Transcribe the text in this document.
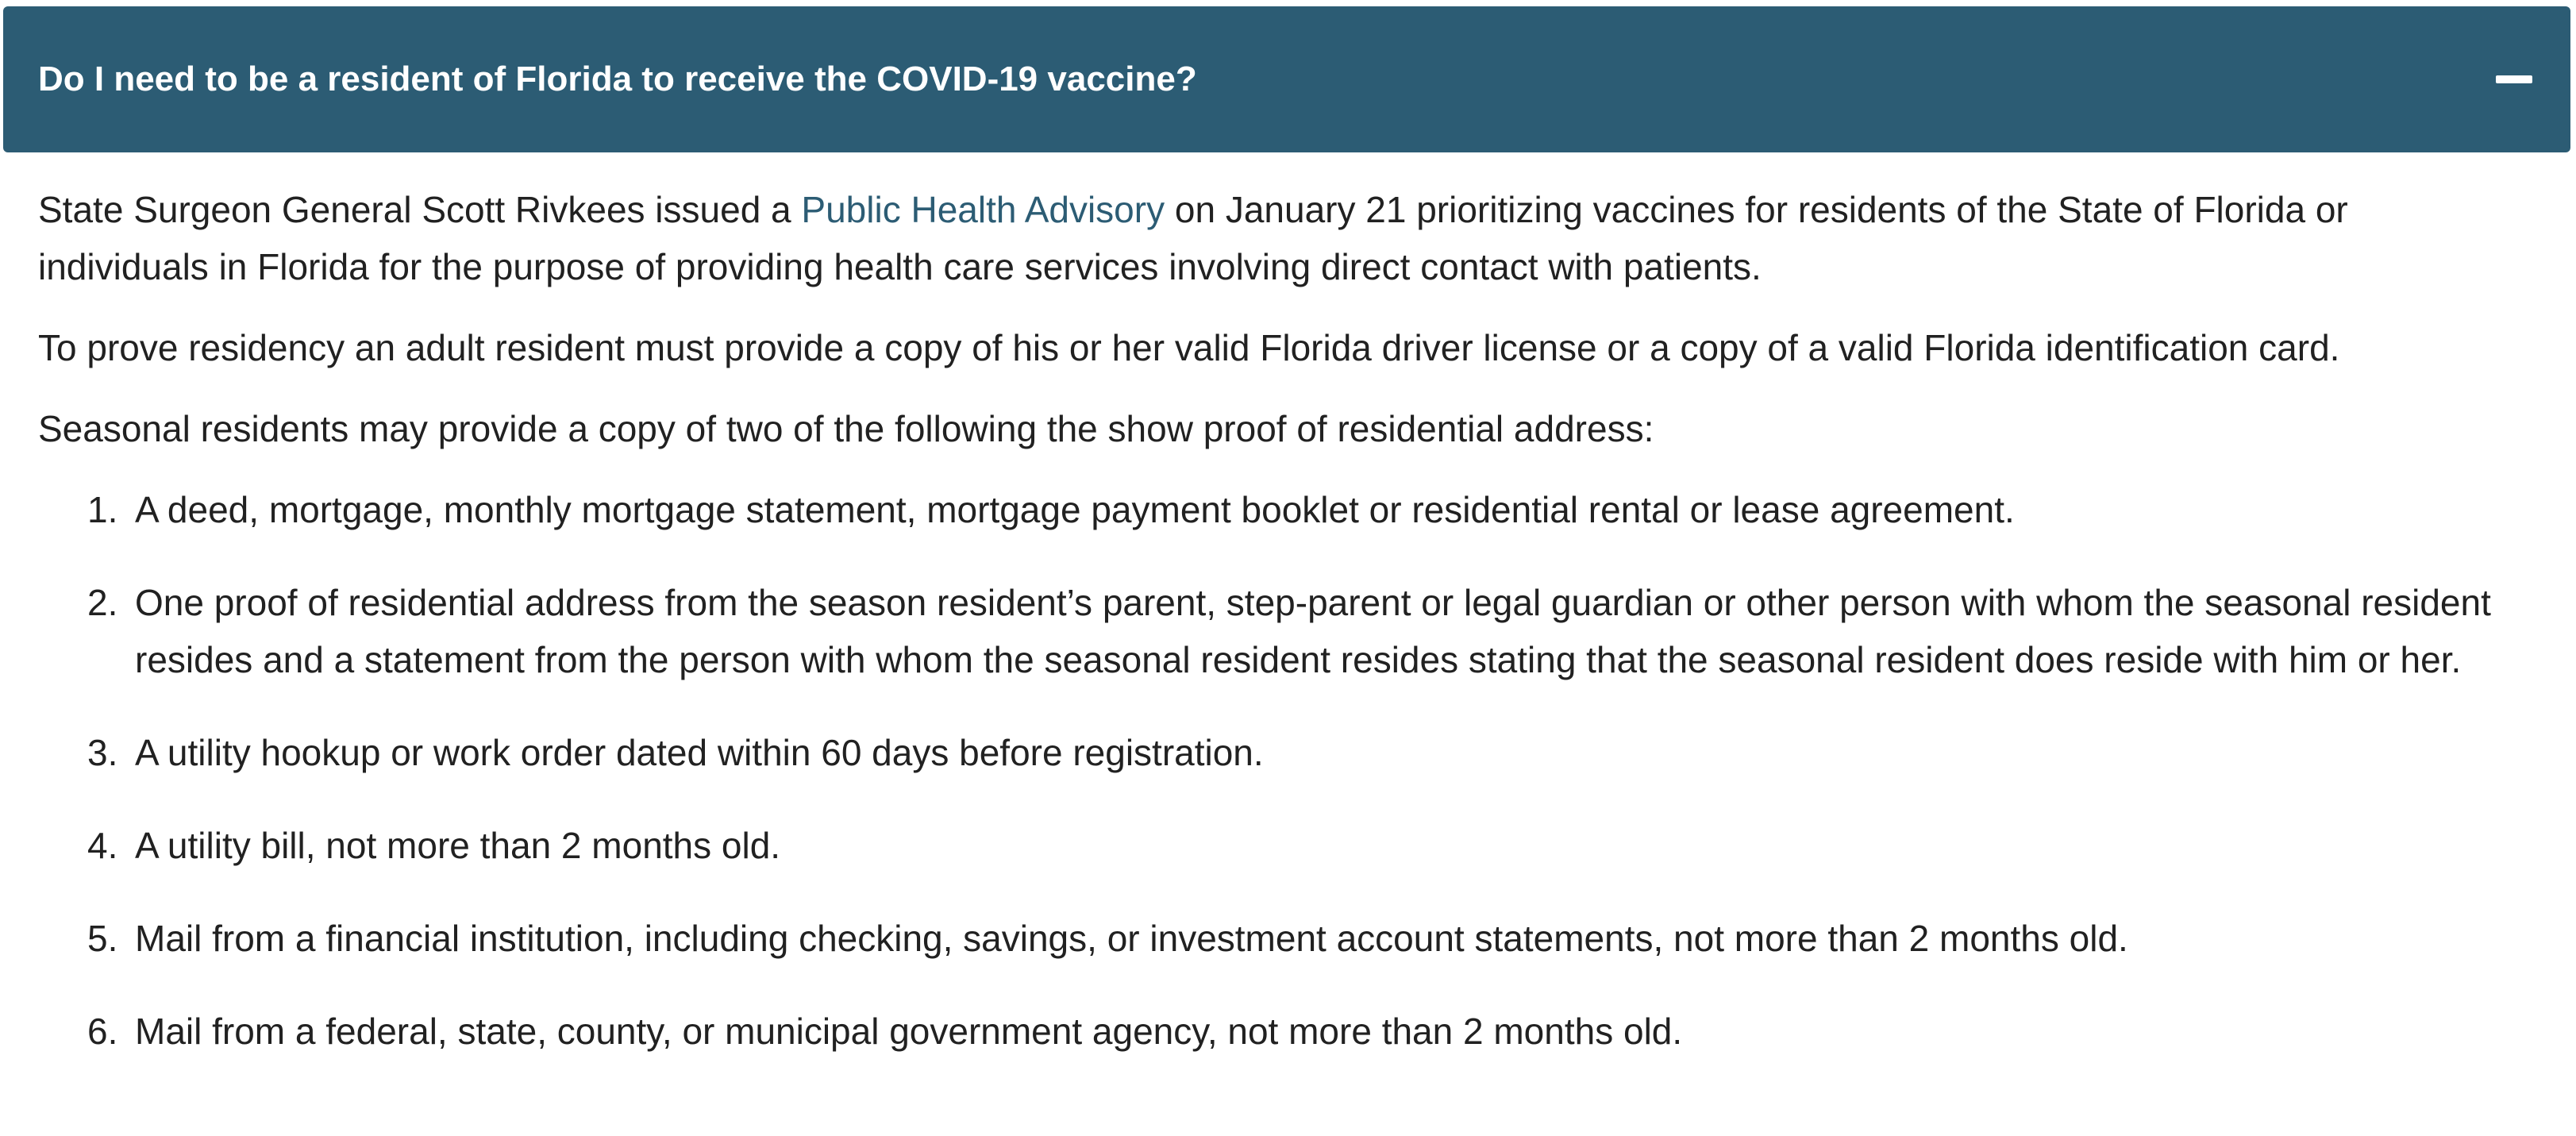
Do I need to be a resident of Florida to receive the COVID-19 vaccine?

State Surgeon General Scott Rivkees issued a Public Health Advisory on January 21 prioritizing vaccines for residents of the State of Florida or individuals in Florida for the purpose of providing health care services involving direct contact with patients.

To prove residency an adult resident must provide a copy of his or her valid Florida driver license or a copy of a valid Florida identification card.

Seasonal residents may provide a copy of two of the following the show proof of residential address:

1. A deed, mortgage, monthly mortgage statement, mortgage payment booklet or residential rental or lease agreement.
2. One proof of residential address from the season resident’s parent, step-parent or legal guardian or other person with whom the seasonal resident resides and a statement from the person with whom the seasonal resident resides stating that the seasonal resident does reside with him or her.
3. A utility hookup or work order dated within 60 days before registration.
4. A utility bill, not more than 2 months old.
5. Mail from a financial institution, including checking, savings, or investment account statements, not more than 2 months old.
6. Mail from a federal, state, county, or municipal government agency, not more than 2 months old.
